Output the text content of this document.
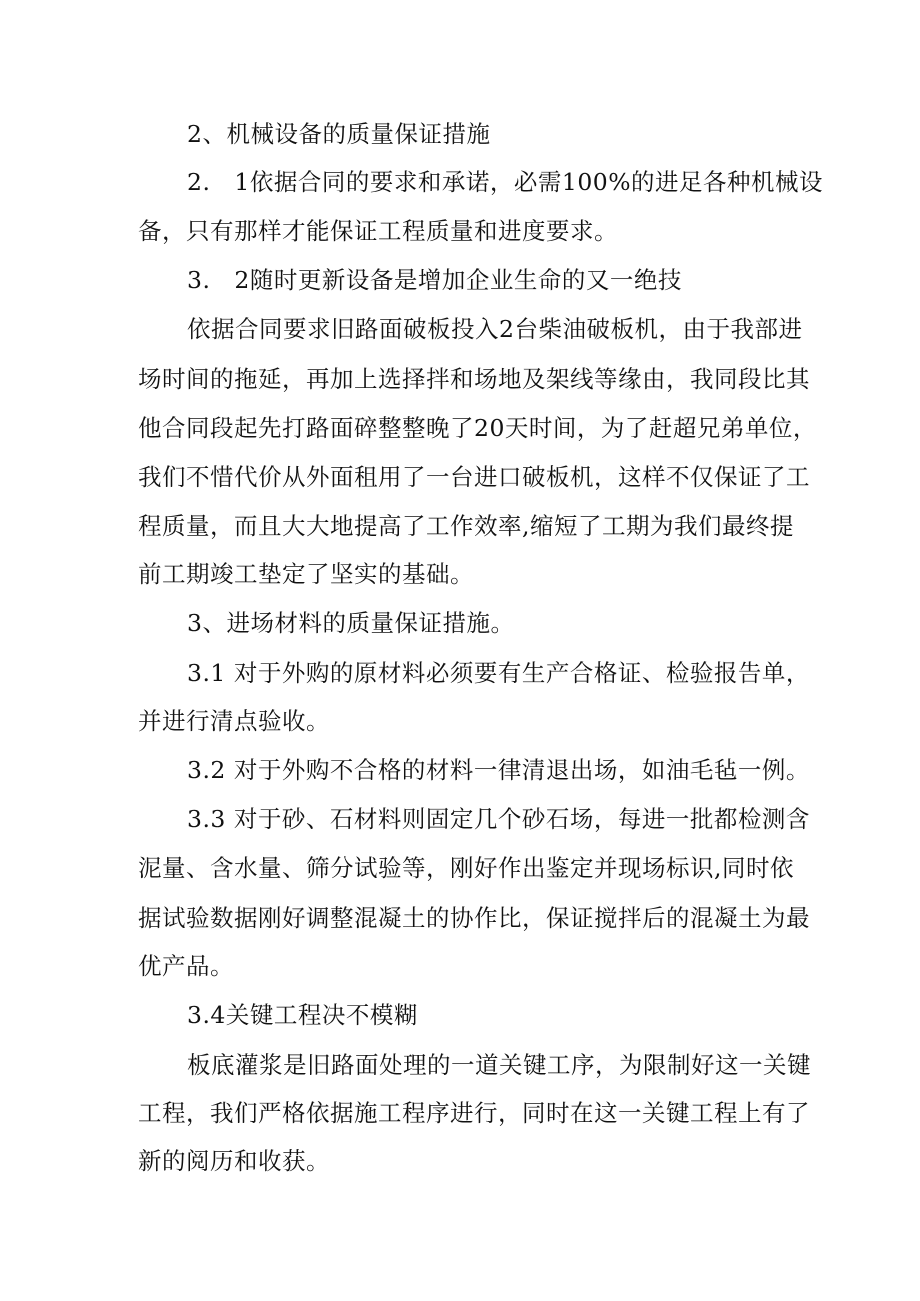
2、机械设备的质量保证措施
2.　1依据合同的要求和承诺，必需100%的进足各种机械设
备，只有那样才能保证工程质量和进度要求。
3.　2随时更新设备是增加企业生命的又一绝技
依据合同要求旧路面破板投入2台柴油破板机，由于我部进
场时间的拖延，再加上选择拌和场地及架线等缘由，我同段比其
他合同段起先打路面碎整整晚了20天时间，为了赶超兄弟单位，
我们不惜代价从外面租用了一台进口破板机，这样不仅保证了工
程质量，而且大大地提高了工作效率,缩短了工期为我们最终提
前工期竣工垫定了坚实的基础。
3、进场材料的质量保证措施。
3.1 对于外购的原材料必须要有生产合格证、检验报告单，
并进行清点验收。
3.2 对于外购不合格的材料一律清退出场，如油毛毡一例。
3.3 对于砂、石材料则固定几个砂石场，每进一批都检测含
泥量、含水量、筛分试验等，刚好作出鉴定并现场标识,同时依
据试验数据刚好调整混凝土的协作比，保证搅拌后的混凝土为最
优产品。
3.4关键工程决不模糊
板底灌浆是旧路面处理的一道关键工序，为限制好这一关键
工程，我们严格依据施工程序进行，同时在这一关键工程上有了
新的阅历和收获。
